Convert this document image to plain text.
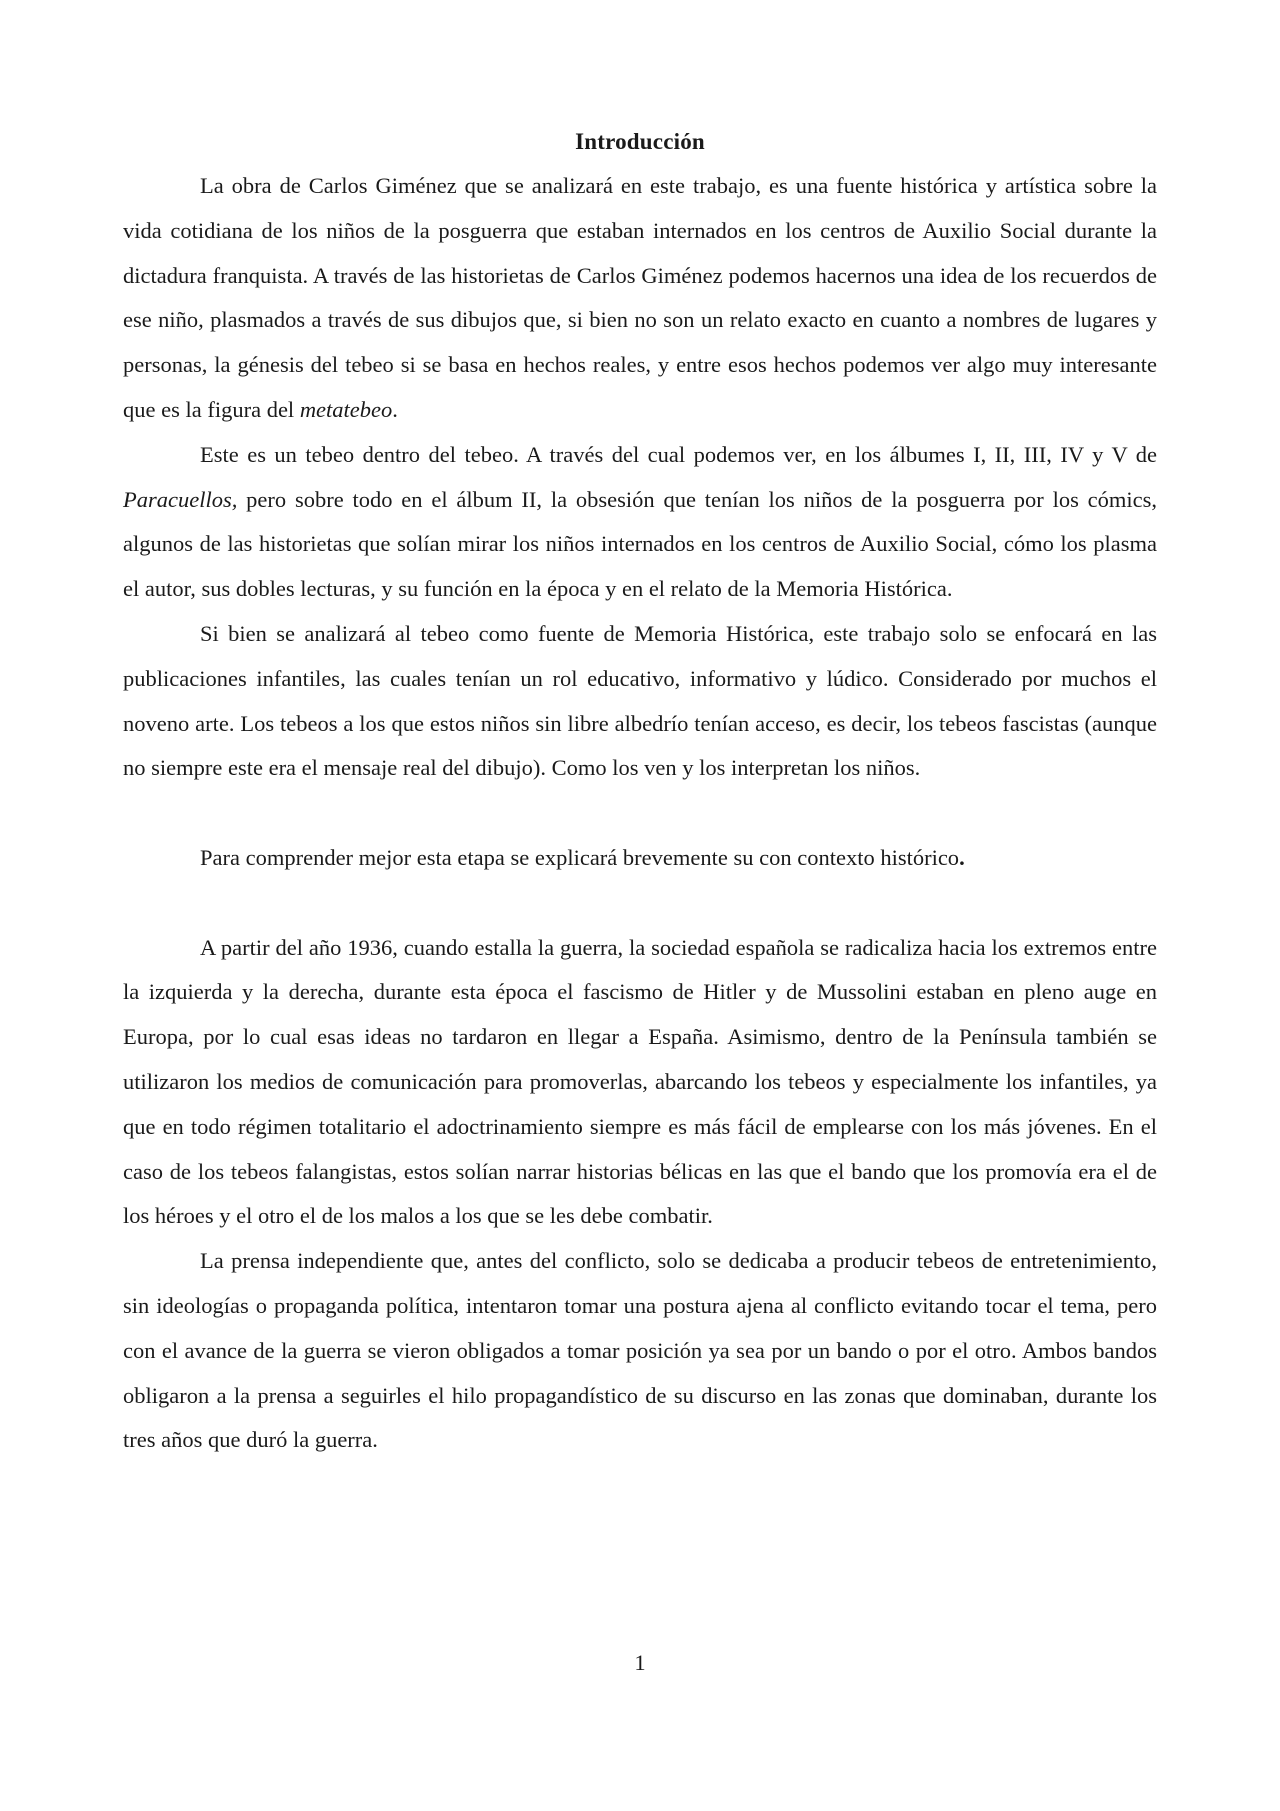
Introducción

La obra de Carlos Giménez que se analizará en este trabajo, es una fuente histórica y artística sobre la vida cotidiana de los niños de la posguerra que estaban internados en los centros de Auxilio Social durante la dictadura franquista. A través de las historietas de Carlos Giménez podemos hacernos una idea de los recuerdos de ese niño, plasmados a través de sus dibujos que, si bien no son un relato exacto en cuanto a nombres de lugares y personas, la génesis del tebeo si se basa en hechos reales, y entre esos hechos podemos ver algo muy interesante que es la figura del metatebeo.

Este es un tebeo dentro del tebeo. A través del cual podemos ver, en los álbumes I, II, III, IV y V de Paracuellos, pero sobre todo en el álbum II, la obsesión que tenían los niños de la posguerra por los cómics, algunos de las historietas que solían mirar los niños internados en los centros de Auxilio Social, cómo los plasma el autor, sus dobles lecturas, y su función en la época y en el relato de la Memoria Histórica.

Si bien se analizará al tebeo como fuente de Memoria Histórica, este trabajo solo se enfocará en las publicaciones infantiles, las cuales tenían un rol educativo, informativo y lúdico. Considerado por muchos el noveno arte. Los tebeos a los que estos niños sin libre albedrío tenían acceso, es decir, los tebeos fascistas (aunque no siempre este era el mensaje real del dibujo). Como los ven y los interpretan los niños.

Para comprender mejor esta etapa se explicará brevemente su con contexto histórico.

A partir del año 1936, cuando estalla la guerra, la sociedad española se radicaliza hacia los extremos entre la izquierda y la derecha, durante esta época el fascismo de Hitler y de Mussolini estaban en pleno auge en Europa, por lo cual esas ideas no tardaron en llegar a España. Asimismo, dentro de la Península también se utilizaron los medios de comunicación para promoverlas, abarcando los tebeos y especialmente los infantiles, ya que en todo régimen totalitario el adoctrinamiento siempre es más fácil de emplearse con los más jóvenes. En el caso de los tebeos falangistas, estos solían narrar historias bélicas en las que el bando que los promovía era el de los héroes y el otro el de los malos a los que se les debe combatir.

La prensa independiente que, antes del conflicto, solo se dedicaba a producir tebeos de entretenimiento, sin ideologías o propaganda política, intentaron tomar una postura ajena al conflicto evitando tocar el tema, pero con el avance de la guerra se vieron obligados a tomar posición ya sea por un bando o por el otro. Ambos bandos obligaron a la prensa a seguirles el hilo propagandístico de su discurso en las zonas que dominaban, durante los tres años que duró la guerra.

1
